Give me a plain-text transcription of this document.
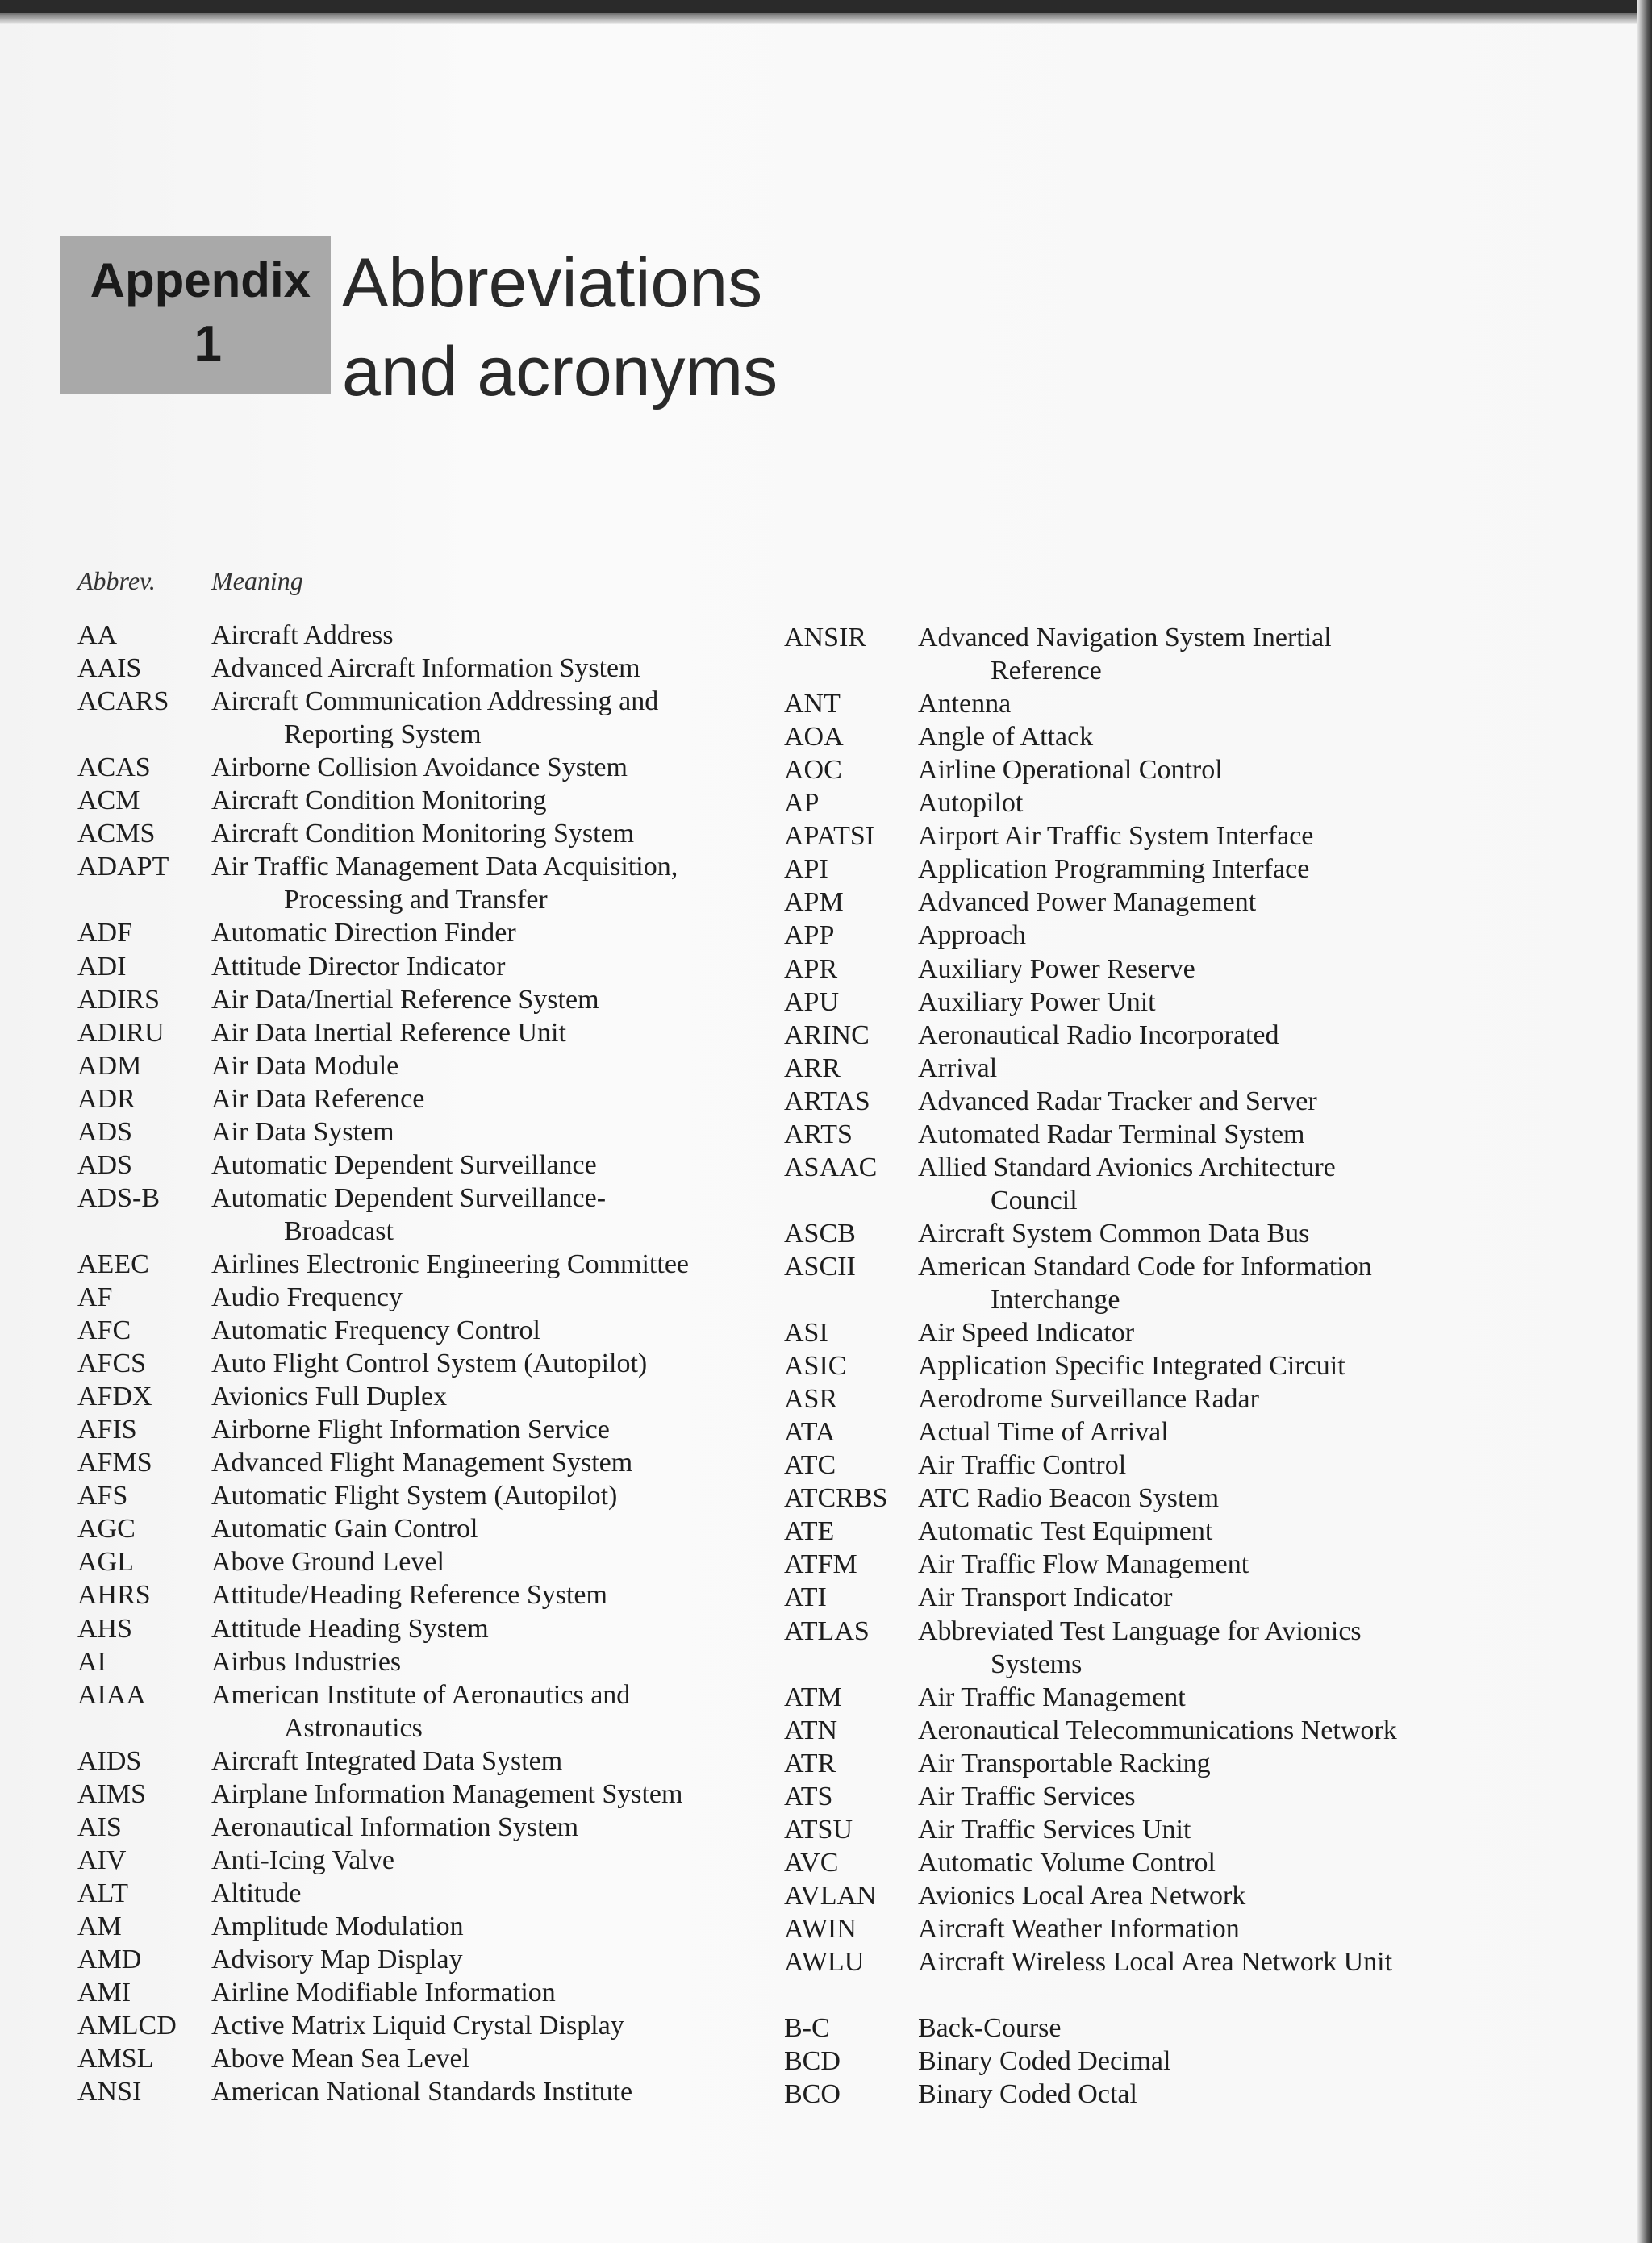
Appendix
1
Abbreviations
and acronyms
Abbrev. Meaning
AA	Aircraft Address
AAIS	Advanced Aircraft Information System
ACARS Aircraft Communication Addressing and
Reporting System
ACAS Airborne Collision Avoidance System
ACM	Aircraft Condition Monitoring
ACMS Aircraft Condition Monitoring System
ADAPT Air Traffic Management Data Acquisition,
Processing and Transfer
ADF	Automatic Direction Finder
ADI	Attitude Director Indicator
ADIRS Air Data/Inertial Reference System
ADIRU Air Data Inertial Reference Unit
ADM	Air Data Module
ADR	Air Data Reference
ADS	Air Data System
ADS	Automatic Dependent Surveillance
ADS-B Automatic Dependent Surveillance-
Broadcast
AEEC Airlines Electronic Engineering Committee
AF	Audio Frequency
AFC	Automatic Frequency Control
AFCS Auto Flight Control System (Autopilot)
AFDX Avionics Full Duplex
AFIS	Airborne Flight Information Service
AFMS Advanced Flight Management System
AFS	Automatic Flight System (Autopilot)
AGC	Automatic Gain Control
AGL	Above Ground Level
AHRS Attitude/Heading Reference System
AHS	Attitude Heading System
AI	Airbus Industries
AIAA American Institute of Aeronautics and
Astronautics
AIDS	Aircraft Integrated Data System
AIMS Airplane Information Management System
AIS	Aeronautical Information System
AIV	Anti-Icing Valve
ALT	Altitude
AM	Amplitude Modulation
AMD	Advisory Map Display
AMI	Airline Modifiable Information
AMLCD Active Matrix Liquid Crystal Display
AMSL Above Mean Sea Level
ANSI	American National Standards Institute
ANSIR Advanced Navigation System Inertial
Reference
ANT	Antenna
AOA	Angle of Attack
AOC	Airline Operational Control
AP	Autopilot
APATSI Airport Air Traffic System Interface
API	Application Programming Interface
APM	Advanced Power Management
APP	Approach
APR	Auxiliary Power Reserve
APU	Auxiliary Power Unit
ARINC Aeronautical Radio Incorporated
ARR	Arrival
ARTAS Advanced Radar Tracker and Server
ARTS Automated Radar Terminal System
ASAAC Allied Standard Avionics Architecture
Council
ASCB Aircraft System Common Data Bus
ASCII American Standard Code for Information
Interchange
ASI	Air Speed Indicator
ASIC	Application Specific Integrated Circuit
ASR	Aerodrome Surveillance Radar
ATA	Actual Time of Arrival
ATC	Air Traffic Control
ATCRBS ATC Radio Beacon System
ATE	Automatic Test Equipment
ATFM Air Traffic Flow Management
ATI	Air Transport Indicator
ATLAS Abbreviated Test Language for Avionics
Systems
ATM	Air Traffic Management
ATN	Aeronautical Telecommunications Network
ATR	Air Transportable Racking
ATS	Air Traffic Services
ATSU Air Traffic Services Unit
AVC	Automatic Volume Control
AVLAN Avionics Local Area Network
AWIN Aircraft Weather Information
AWLU Aircraft Wireless Local Area Network Unit
B-C	Back-Course
BCD	Binary Coded Decimal
BCO	Binary Coded Octal
